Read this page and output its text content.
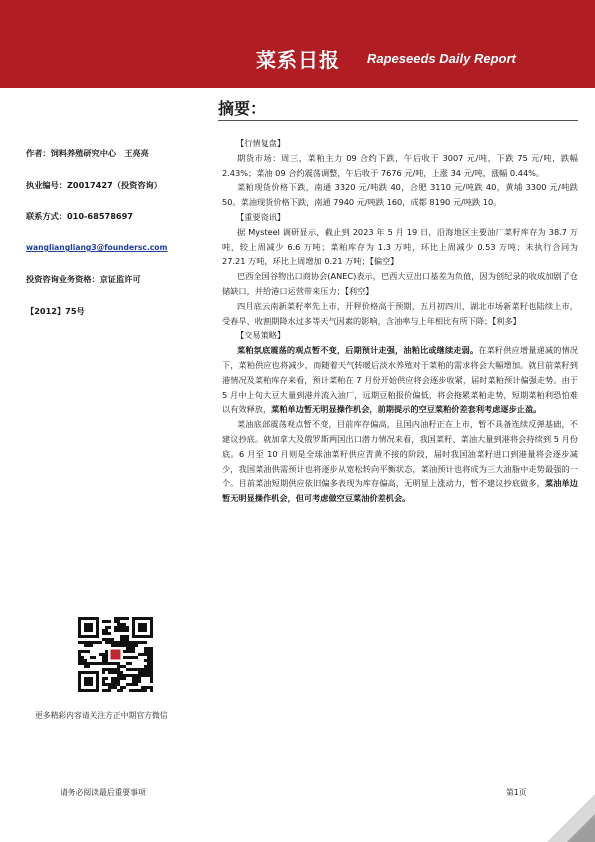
菜系日报 Rapeseeds Daily Report
作者：饲料养殖研究中心　王亮亮
执业编号：Z0017427（投资咨询）
联系方式：010-68578697
wangliangliang3@foundersc.com
投资咨询业务资格：京证监许可
【2012】75号
更多精彩内容请关注方正中期官方微信
摘要：

【行情复盘】

期货市场：周三，菜粕主力 09 合约下跌，午后收于 3007 元/吨，下跌 75 元/吨，跌幅 2.43%；菜油 09 合约震荡调整，午后收于 7676 元/吨，上涨 34 元/吨，涨幅 0.44%。

菜粕现货价格下跌，南通 3320 元/吨跌 40，合肥 3110 元/吨跌 40，黄埔 3300 元/吨跌 50。菜油现货价格下跌，南通 7940 元/吨跌 160，成都 8190 元/吨跌 10。

【重要资讯】

据 Mysteel 调研显示，截止到 2023 年 5 月 19 日，沿海地区主要油厂菜籽库存为 38.7 万吨，较上周减少 6.6 万吨；菜粕库存为 1.3 万吨，环比上周减少 0.53 万吨；未执行合同为 27.21 万吨，环比上周增加 0.21 万吨；【偏空】

巴西全国谷物出口商协会(ANEC)表示，巴西大豆出口基差为负值，因为创纪录的收成加剧了仓储缺口，并给港口运营带来压力；【利空】

四月底云南新菜籽率先上市，开秤价格高于预期，五月初四川、湖北市场新菜籽也陆续上市，受春旱、收割期降水过多等天气因素的影响，含油率与上年相比有所下降；【利多】

【交易策略】

菜粕氛底震荡的观点暂不变，后期预计走强，油粕比或继续走弱。在菜籽供应增量递减的情况下，菜粕供应也将减少，而随着天气转暖后淡水养殖对于菜粕的需求将会大幅增加。就目前菜籽到港情况及菜粕库存来看，预计菜粕在 7 月份开始供应将会逐步收紧，届时菜粕预计偏强走势。由于 5 月中上旬大豆大量到港并流入油厂，远期豆粕报价偏低，将会拖累菜粕走势，短期菜粕利恐怕难以有效释放，菜粕单边暂无明显操作机会，前期提示的空豆菜粕价差套利考虑逐步止盈。

菜油底部震荡观点暂不变，目前库存偏高，且国内油籽正在上市，暂不具备连续反弹基础，不建议抄底。就加拿大及俄罗斯两国出口潜力情况来看，我国菜籽、菜油大量到港将会持续到 5 月份底。6 月至 10 月则是全球油菜籽供应青黄不接的阶段，届时我国油菜籽进口到港量将会逐步减少，我国菜油供需预计也将逐步从宽松转向平衡状态，菜油预计也将成为三大油脂中走势最强的一个。目前菜油短期供应依旧偏多表现为库存偏高，无明显上涨动力，暂不建议抄底做多，菜油单边暂无明显操作机会，但可考虑做空豆菜油价差机会。

请务必阅读最后重要事项	第1页
